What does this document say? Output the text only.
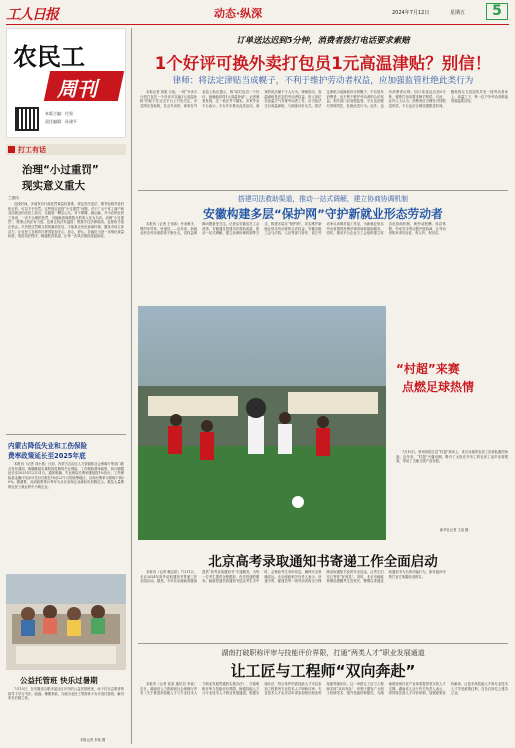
工人日报	动态·纵深	2024年7月12日	星期五	5
农民工
周刊
本版主编：付坚
责任编辑：孙建平
打工有话
治理“小过重罚”
现实意义重大
兰建伟

近段时间，多地发布行政处罚裁量权基准，规定首次违法、情节轻微并及时纠正的，可以不予处罚。这些规定直指“小过重罚”问题，对于广大个体工商户和灵活就业的农民工而言，无疑是一颗定心丸。对于摆摊、跑运输、开小店的农民工来说，一次不合理的处罚，可能就意味着数月的收入化为乌有。治理“小过重罚”，既要让执法有力度，也要让执法有温度；既要守住法律底线，也要给予改正机会。只有把过罚相当原则落到实处，才能真正优化营商环境，激发市场主体活力，让农民工在城市打拼得更加安心、放心、舒心。各地应当进一步细化裁量标准，规范执法程序，畅通救济渠道，让每一次执法都经得起检验。

内蒙古降低失业和工伤保险
费率政策延长至2025年底

本报讯（记者 刘小燕）日前，内蒙古自治区人力资源和社会保障厅等部门联合发布通知，明确继续实施阶段性降低失业保险、工伤保险费率政策，执行期限延长至2025年12月31日。通知明确，失业保险总费率继续按1%执行，工伤保险基金累计结余可支付月数在18至23个月的统筹地区，以现行费率为基础下调20%。据测算，此项政策预计每年为全区参保企业减轻负担数亿元，惠及大量吸纳农民工就业的中小微企业。

公益托管班 快乐过暑期

7月10日，在安徽省合肥市某社区开办的公益托管班里，孩子们在志愿者的指导下学习书法、绘画。暑期来临，当地为农民工等群体子女开设托管班，解决家长后顾之忧。

本报记者 李某 摄
订单送达迟到5分钟，消费者拨打电话要求索赔
1个好评可换外卖打包员1元高温津贴？别信！
律师：将法定津贴当成幌子，不利于维护劳动者权益，应加强监管杜绝此类行为

本报记者 刘旭 日前，一则“外卖平台给打包员一个好评可以换1元高温补贴”的帖子在社交平台上引发关注。多名网友发帖称，在点外卖时，商家在外卖袋上贴出提示，称“给打包员一个好评，她就能获得1元高温补贴”。记者调查发现，这一说法并不属实。多家外卖平台表示，平台并未推出此类活动，商家的说法属于个人行为。律师指出，高温津贴是法定的劳动者权益，用人单位在高温天气安排劳动者工作，应当依法支付高温津贴，与顾客评价无关。将法定津贴当成换取好评的幌子，不仅误导消费者，也不利于维护劳动者的合法权益。相关部门应加强监管，平台也应履行管理责任，杜绝此类行为。此外，也有消费者反映，因订单送达迟到5分钟，便拨打电话要求骑手赔偿。对此，业内人士认为，消费者应当理性对待配送时效，平台也应合理设置配送时间，避免将压力层层传导至一线劳动者身上。高温之下，每一位户外劳动者都值得被温柔以待。

搭建司法救助渠道，推动一站式调解，建立协商协调机制
安徽构建多层“保护网”守护新就业形态劳动者

本报讯（记者 王伟伟）外卖骑手、网约车司机、快递员……近年来，新就业形态劳动者群体不断壮大，其权益保障问题备受关注。记者从安徽省总工会获悉，安徽通过搭建司法救助渠道、推动一站式调解、建立协商协调机制等方式，构建多层次“保护网”，切实维护新就业形态劳动者的合法权益。安徽各级工会与法院、人社等部门协作，设立劳动争议诉调对接工作室，为新就业形态劳动者提供免费法律咨询和援助服务。同时，推动平台企业与工会组织建立常态化协商机制，就劳动报酬、休息休假、劳动安全等议题开展协商，让劳动者的诉求有处说、有人听、有回应。

“村超”来赛
点燃足球热情

7月10日，贵州省榕江县“村超”赛场上，来自各地的农民工足球队激烈角逐。近年来，“村超”火爆出圈，吸引了大批在外务工的农民工返乡参赛观赛，带动了当地文旅产业发展。

新华社记者 王某 摄
北京高考录取通知书寄递工作全面启动

本报讯（记者 赖志凯）7月11日，北京2024年高考录取通知书寄递工作全面启动。据悉，今年北京邮政将继续提供“高考录取通知书”专递服务，为每一位考生提供全程跟踪、优先投递的服务。邮政投递员将通知书送达考生手中时，会核验考生身份信息，确保安全准确送达。北京邮政相关负责人表示，快递小哥、邮递员等一线劳动者将全力保障录取通知书及时安全送达，让考生们安心等待“好消息”。同时，北京市邮政管理局提醒考生及家长，警惕以寄递录取通知书为名的诈骗行为，如有疑问可拨打官方客服电话核实。

湖南打破职称评审与技能评价界限，打通“两类人才”职业发展通道
让工匠与工程师“双向奔赴”

本报讯（记者 张某 通讯员 李某）近日，湖南省人力资源和社会保障厅印发《关于推进高技能人才与专业技术人才职业发展贯通的实施办法》，打破职称评审与技能评价界限，畅通技能人才与专业技术人才职业发展通道。根据实施办法，符合条件的高技能人才可以参加工程系列专业技术人才职称评审，专业技术人才也可以申请参加相应职业的技能等级评价。这一举措让工匠与工程师实现“双向奔赴”，有利于激发广大职工钻研技术、提升技能的积极性，为湖南建设现代化产业体系提供坚实的人才支撑。湖南省人社厅有关负责人表示，将持续完善人才评价机制，加强政策宣传解读，让更多高技能人才和专业技术人才享受政策红利，在各自岗位上建功立业。
